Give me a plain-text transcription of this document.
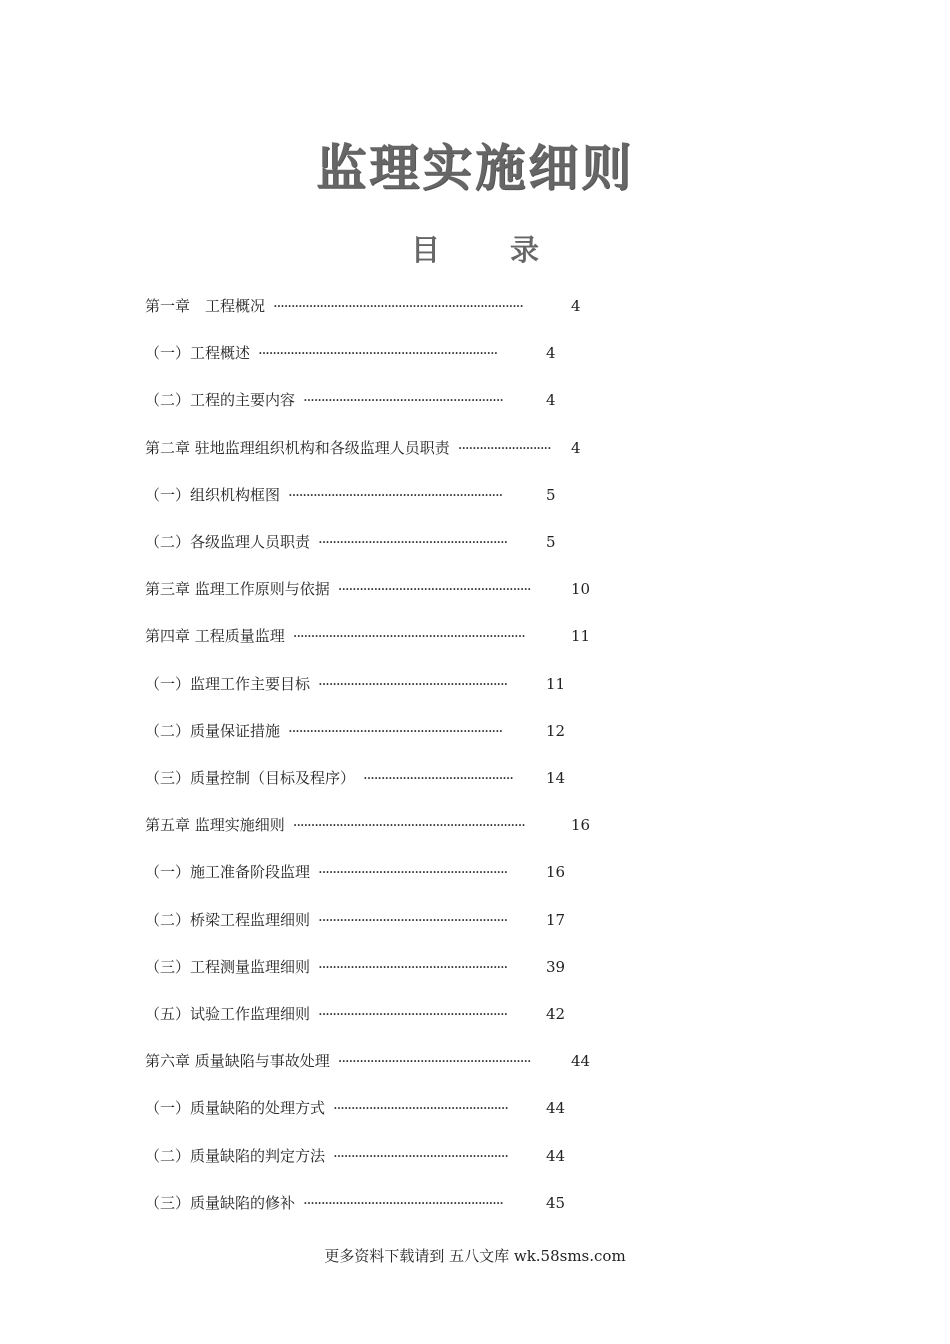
监理实施细则
目 录
第一章　工程概况 ······································································	4
（一）工程概述 ···································································	4
（二）工程的主要内容 ························································	4
第二章 驻地监理组织机构和各级监理人员职责 ··························	4
（一）组织机构框图 ····························································	5
（二）各级监理人员职责 ·····················································	5
第三章 监理工作原则与依据 ······················································	10
第四章 工程质量监理 ·································································	11
（一）监理工作主要目标 ·····················································	11
（二）质量保证措施 ····························································	12
（三）质量控制（目标及程序） ··········································	14
第五章 监理实施细则 ·································································	16
（一）施工准备阶段监理 ·····················································	16
（二）桥梁工程监理细则 ·····················································	17
（三）工程测量监理细则 ·····················································	39
（五）试验工作监理细则 ·····················································	42
第六章 质量缺陷与事故处理 ······················································	44
（一）质量缺陷的处理方式 ·················································	44
（二）质量缺陷的判定方法 ·················································	44
（三）质量缺陷的修补 ························································	45
更多资料下载请到 五八文库 wk.58sms.com
